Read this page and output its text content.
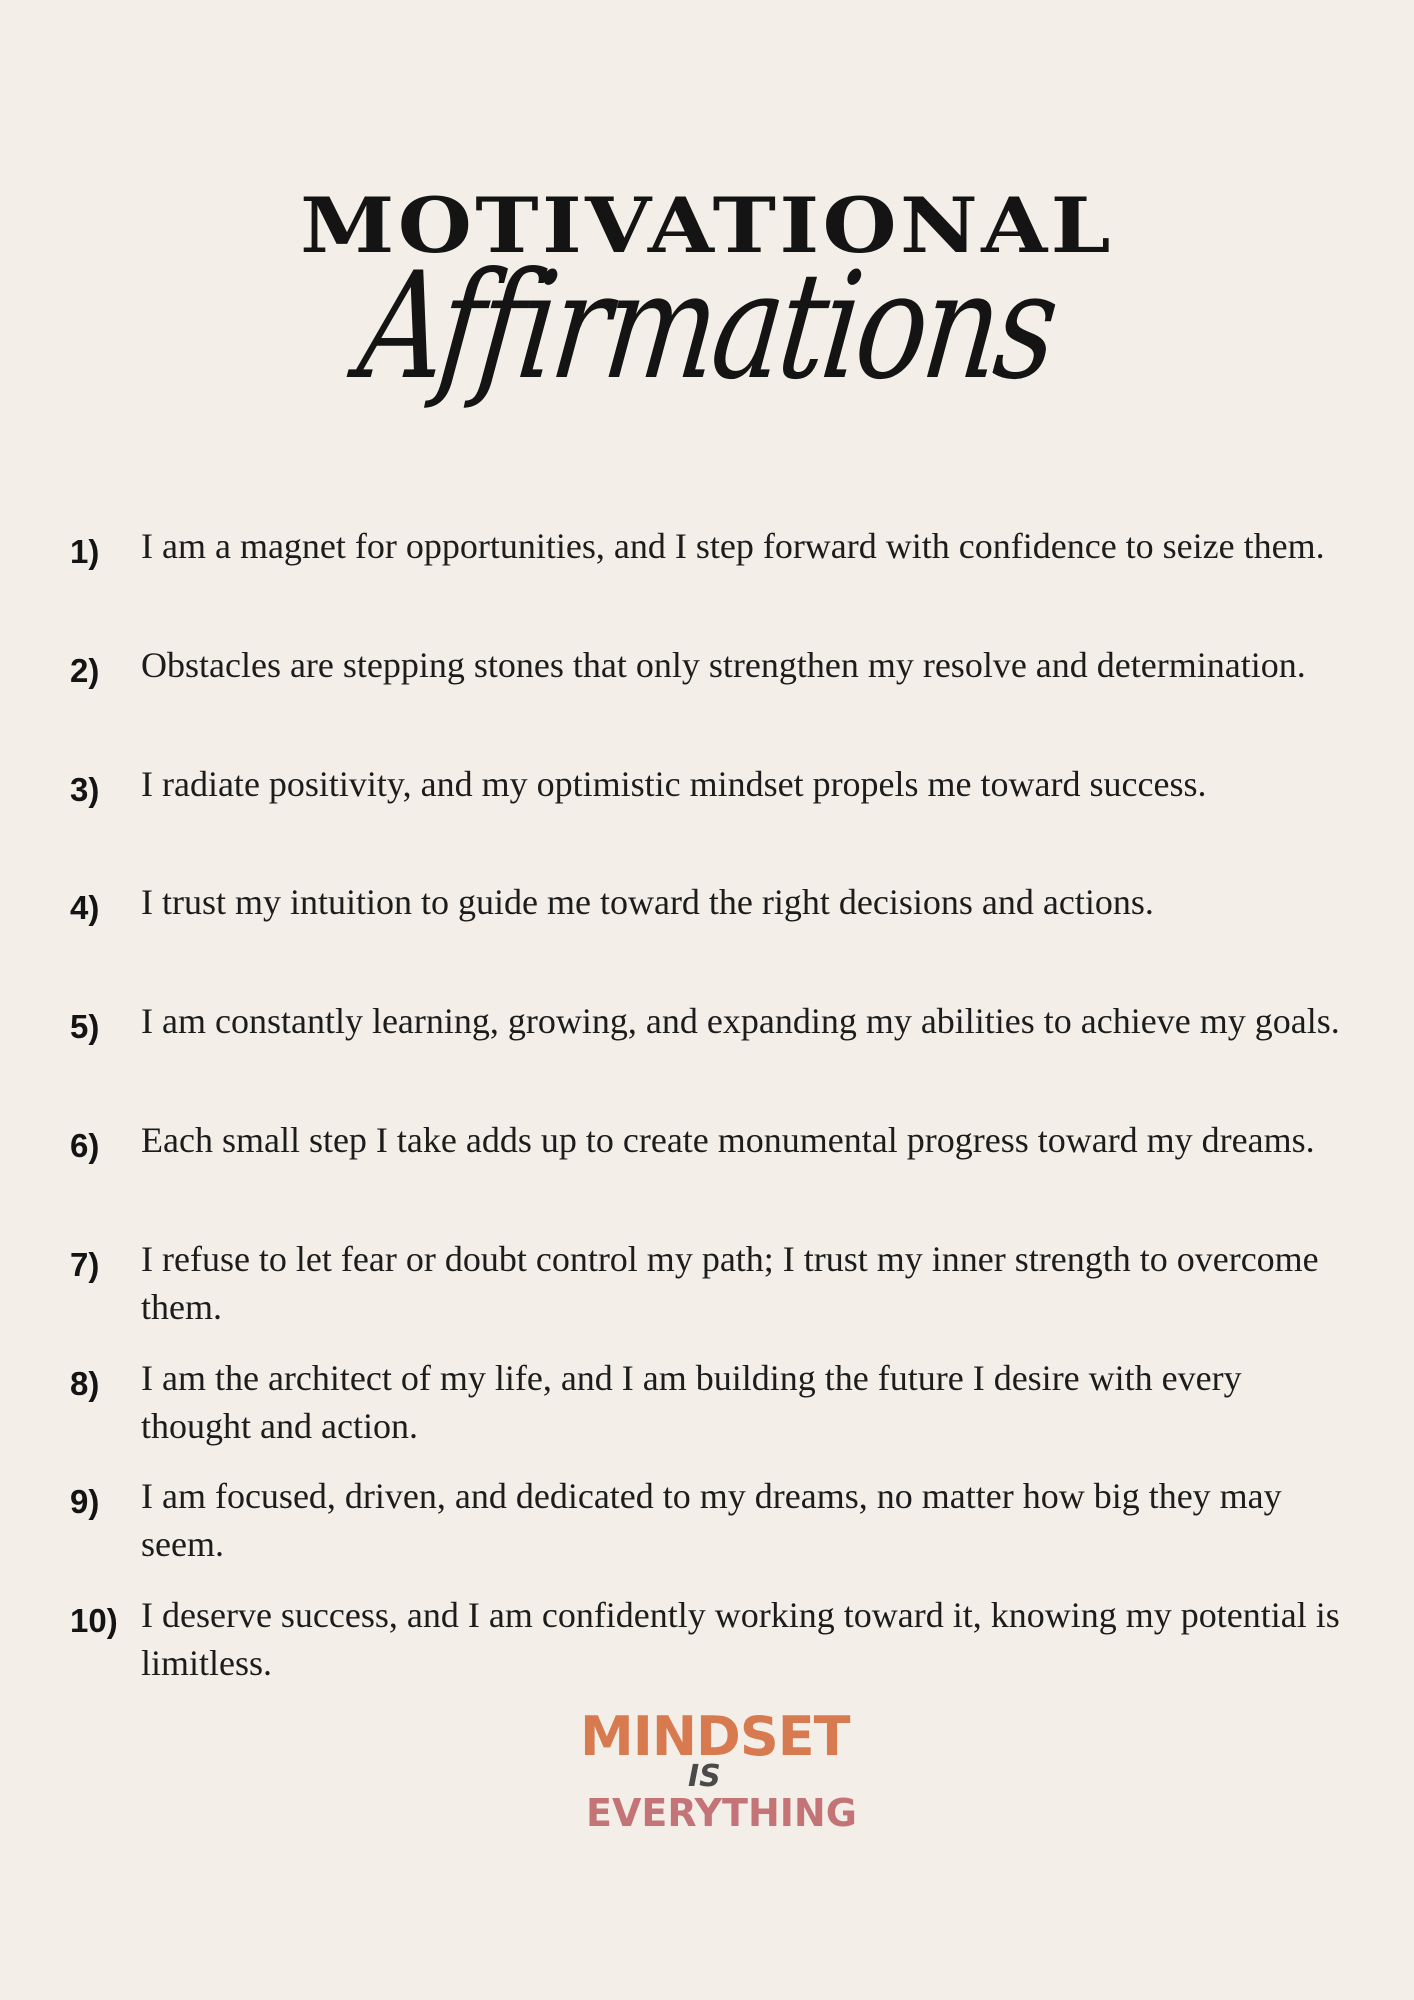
MOTIVATIONAL
Affirmations
1)	I am a magnet for opportunities, and I step forward with confidence to seize them.
2)	Obstacles are stepping stones that only strengthen my resolve and determination.
3)	I radiate positivity, and my optimistic mindset propels me toward success.
4)	I trust my intuition to guide me toward the right decisions and actions.
5)	I am constantly learning, growing, and expanding my abilities to achieve my goals.
6)	Each small step I take adds up to create monumental progress toward my dreams.
7)	I refuse to let fear or doubt control my path; I trust my inner strength to overcome them.
8)	I am the architect of my life, and I am building the future I desire with every thought and action.
9)	I am focused, driven, and dedicated to my dreams, no matter how big they may seem.
10) I deserve success, and I am confidently working toward it, knowing my potential is limitless.
MINDSET
IS
EVERYTHING
